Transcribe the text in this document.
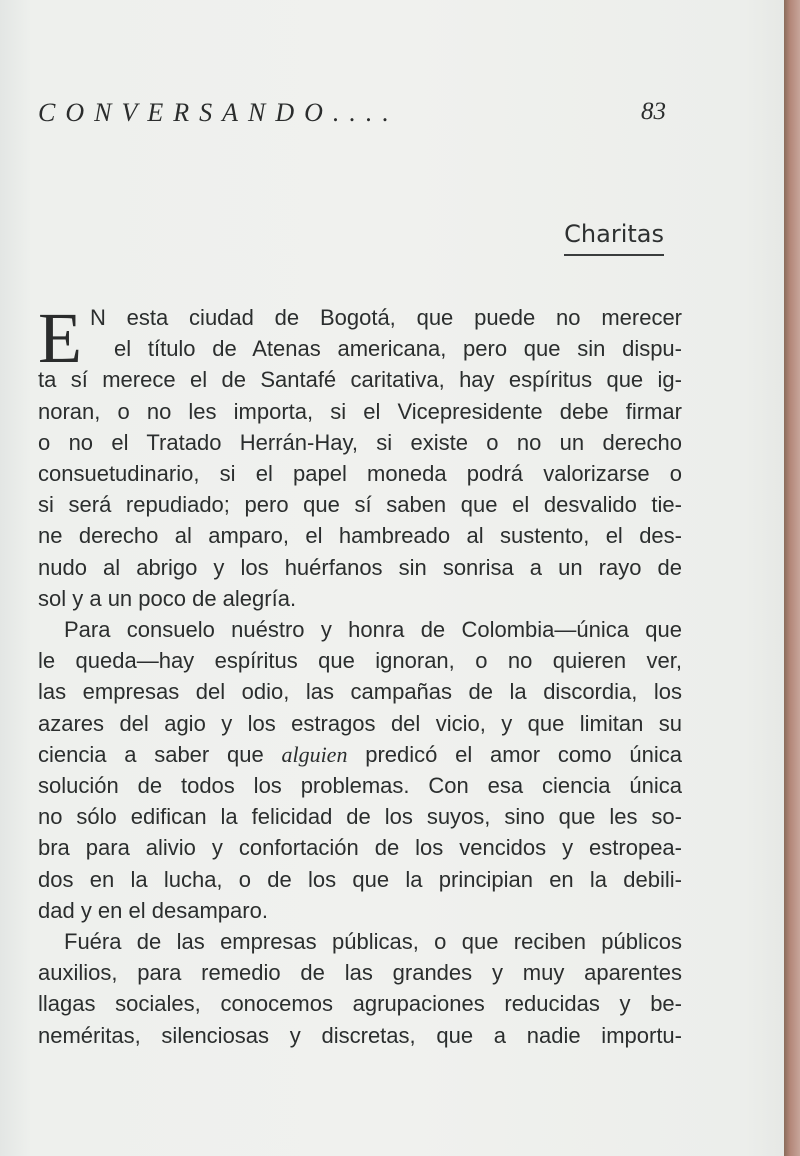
CONVERSANDO....	83
Charitas
E N esta ciudad de Bogotá, que puede no merecer
el título de Atenas americana, pero que sin dispu-
ta sí merece el de Santafé caritativa, hay espíritus que ig-
noran, o no les importa, si el Vicepresidente debe firmar
o no el Tratado Herrán-Hay, si existe o no un derecho
consuetudinario, si el papel moneda podrá valorizarse o
si será repudiado; pero que sí saben que el desvalido tie-
ne derecho al amparo, el hambreado al sustento, el des-
nudo al abrigo y los huérfanos sin sonrisa a un rayo de
sol y a un poco de alegría.
Para consuelo nuéstro y honra de Colombia—única que
le queda—hay espíritus que ignoran, o no quieren ver,
las empresas del odio, las campañas de la discordia, los
azares del agio y los estragos del vicio, y que limitan su
ciencia a saber que alguien predicó el amor como única
solución de todos los problemas. Con esa ciencia única
no sólo edifican la felicidad de los suyos, sino que les so-
bra para alivio y confortación de los vencidos y estropea-
dos en la lucha, o de los que la principian en la debili-
dad y en el desamparo.
Fuéra de las empresas públicas, o que reciben públicos
auxilios, para remedio de las grandes y muy aparentes
llagas sociales, conocemos agrupaciones reducidas y be-
neméritas, silenciosas y discretas, que a nadie importu-
